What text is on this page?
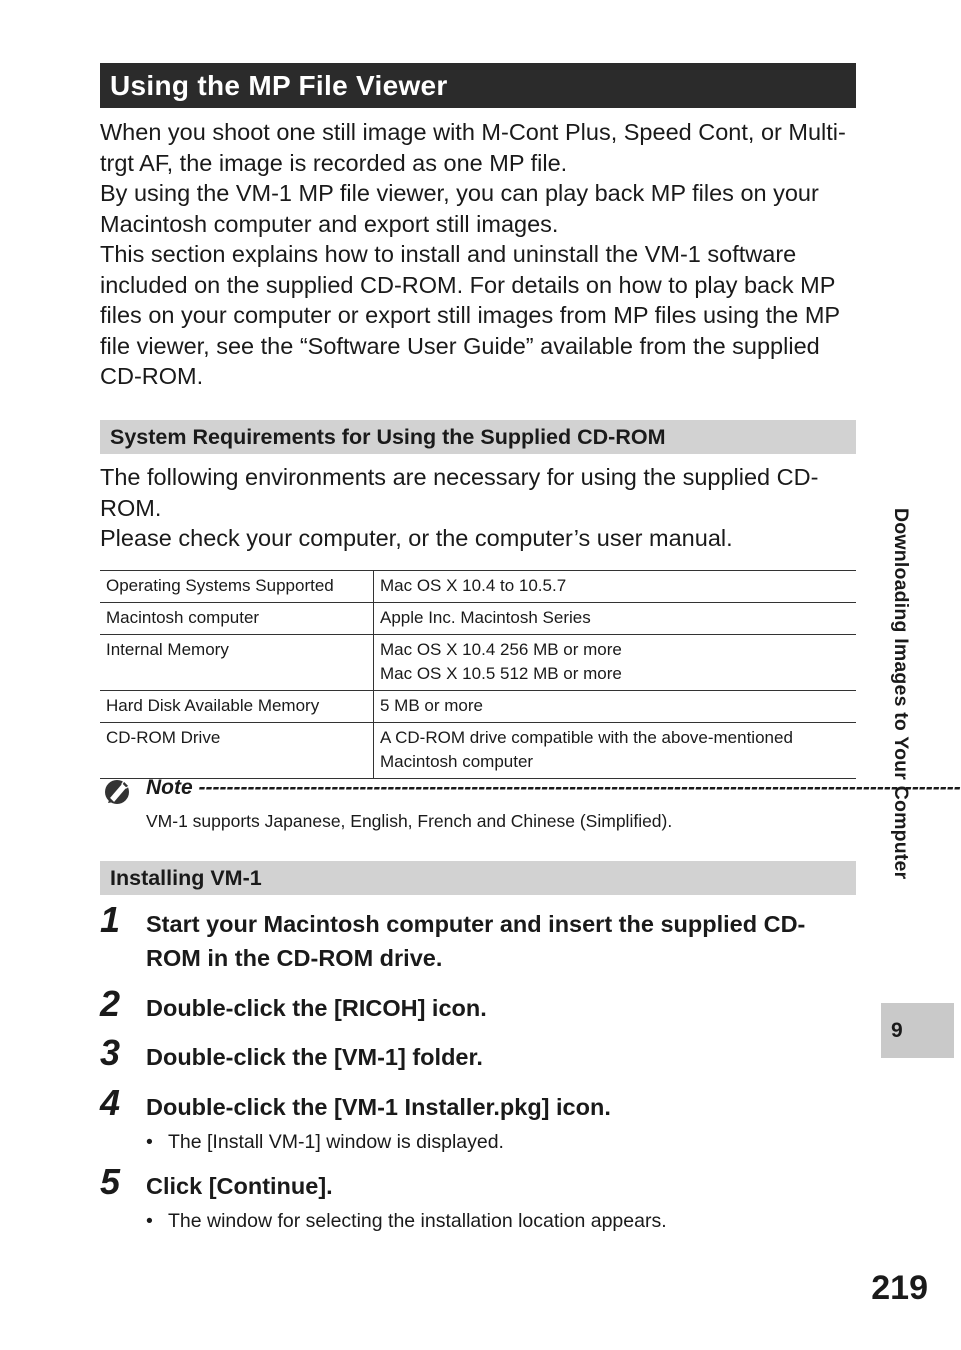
Using the MP File Viewer

When you shoot one still image with M-Cont Plus, Speed Cont, or Multi-trgt AF, the image is recorded as one MP file.

By using the VM-1 MP file viewer, you can play back MP files on your Macintosh computer and export still images.

This section explains how to install and uninstall the VM-1 software included on the supplied CD-ROM. For details on how to play back MP files on your computer or export still images from MP files using the MP file viewer, see the “Software User Guide” available from the supplied CD-ROM.

System Requirements for Using the Supplied CD-ROM

The following environments are necessary for using the supplied CD-ROM.

Please check your computer, or the computer’s user manual.

Operating Systems Supported	Mac OS X 10.4 to 10.5.7

Macintosh computer	Apple Inc. Macintosh Series

Internal Memory	Mac OS X 10.4 256 MB or more
Mac OS X 10.5 512 MB or more

Hard Disk Available Memory	5 MB or more

CD-ROM Drive	A CD-ROM drive compatible with the above-mentioned
Macintosh computer
Note -------------------------------------------------------------------------------------------------------------
VM-1 supports Japanese, English, French and Chinese (Simplified).
Installing VM-1
1	Start your Macintosh computer and insert the supplied CD-ROM in the CD-ROM drive.
2	Double-click the [RICOH] icon.
3	Double-click the [VM-1] folder.
4	Double-click the [VM-1 Installer.pkg] icon.
• The [Install VM-1] window is displayed.
5	Click [Continue].
• The window for selecting the installation location appears.
Downloading Images to Your Computer
9
219
